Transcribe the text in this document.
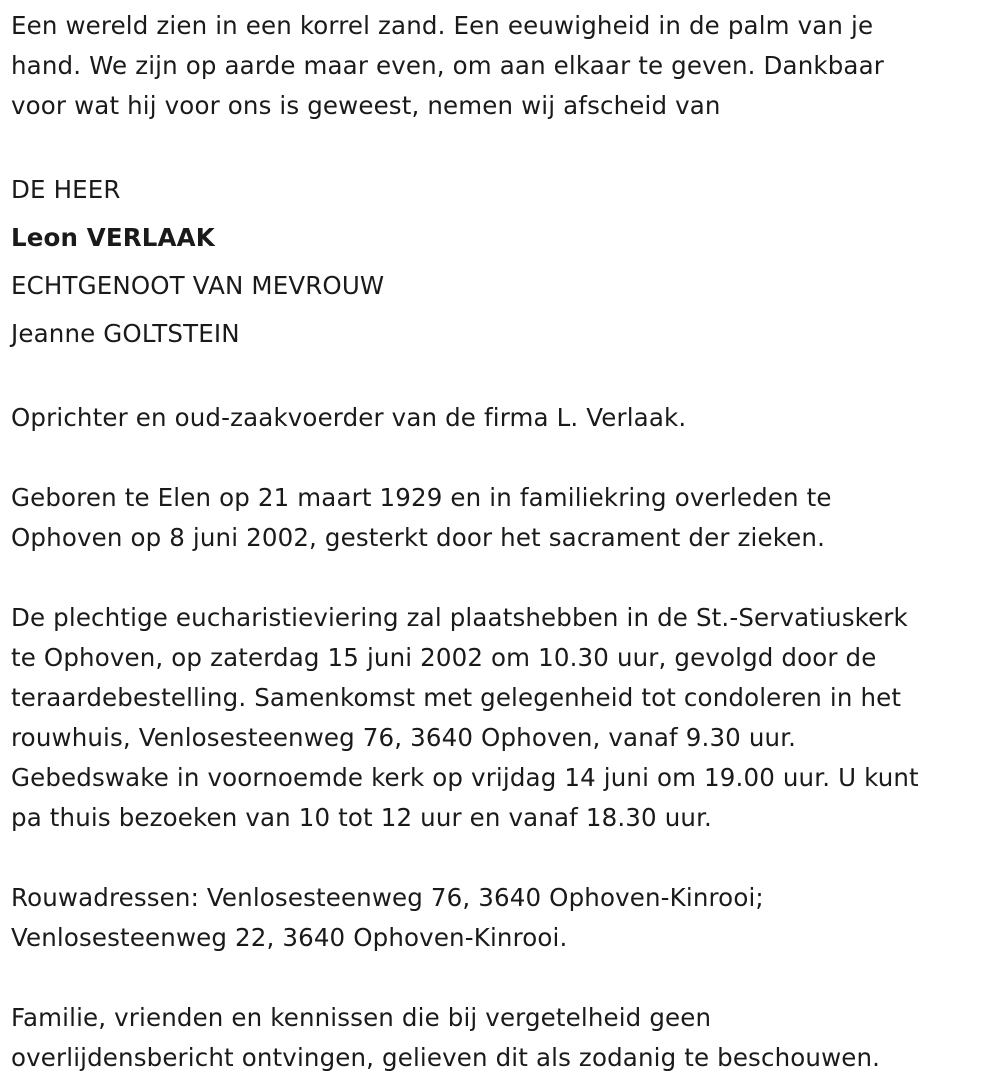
Een wereld zien in een korrel zand. Een eeuwigheid in de palm van je
hand. We zijn op aarde maar even, om aan elkaar te geven. Dankbaar
voor wat hij voor ons is geweest, nemen wij afscheid van

DE HEER
Leon VERLAAK
ECHTGENOOT VAN MEVROUW
Jeanne GOLTSTEIN

Oprichter en oud-zaakvoerder van de firma L. Verlaak.

Geboren te Elen op 21 maart 1929 en in familiekring overleden te
Ophoven op 8 juni 2002, gesterkt door het sacrament der zieken.

De plechtige eucharistieviering zal plaatshebben in de St.-Servatiuskerk
te Ophoven, op zaterdag 15 juni 2002 om 10.30 uur, gevolgd door de
teraardebestelling. Samenkomst met gelegenheid tot condoleren in het
rouwhuis, Venlosesteenweg 76, 3640 Ophoven, vanaf 9.30 uur.
Gebedswake in voornoemde kerk op vrijdag 14 juni om 19.00 uur. U kunt
pa thuis bezoeken van 10 tot 12 uur en vanaf 18.30 uur.

Rouwadressen: Venlosesteenweg 76, 3640 Ophoven-Kinrooi;
Venlosesteenweg 22, 3640 Ophoven-Kinrooi.

Familie, vrienden en kennissen die bij vergetelheid geen
overlijdensbericht ontvingen, gelieven dit als zodanig te beschouwen.
